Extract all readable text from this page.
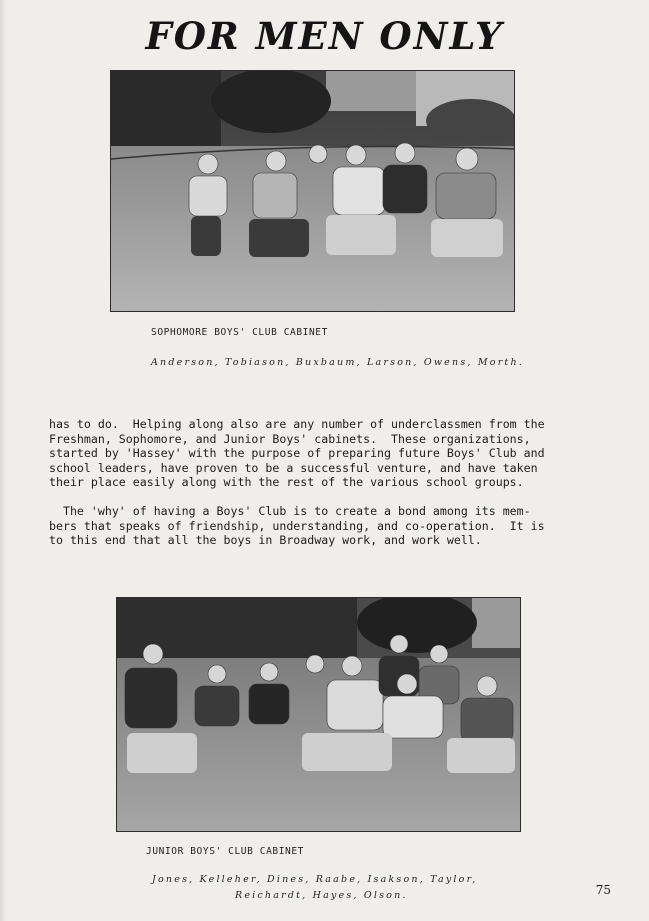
FOR MEN ONLY
SOPHOMORE BOYS' CLUB CABINET
Anderson, Tobiason, Buxbaum, Larson, Owens, Morth.
has to do.  Helping along also are any number of underclassmen from the
Freshman, Sophomore, and Junior Boys' cabinets.  These organizations,
started by 'Hassey' with the purpose of preparing future Boys' Club and
school leaders, have proven to be a successful venture, and have taken
their place easily along with the rest of the various school groups.
The 'why' of having a Boys' Club is to create a bond among its mem-
bers that speaks of friendship, understanding, and co-operation.  It is
to this end that all the boys in Broadway work, and work well.
JUNIOR BOYS' CLUB CABINET
Jones, Kelleher, Dines, Raabe, Isakson, Taylor,
Reichardt, Hayes, Olson.	75
